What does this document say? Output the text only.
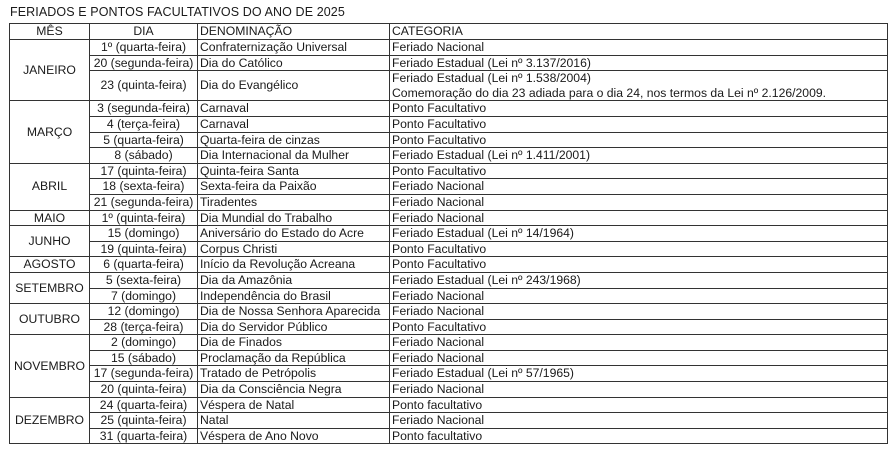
FERIADOS E PONTOS FACULTATIVOS DO ANO DE 2025
MÊS	DIA	DENOMINAÇÃO	CATEGORIA
JANEIRO	1º (quarta-feira)	Confraternização Universal	Feriado Nacional
	20 (segunda-feira)	Dia do Católico	Feriado Estadual (Lei nº 3.137/2016)
	23 (quinta-feira)	Dia do Evangélico	Feriado Estadual (Lei nº 1.538/2004)
Comemoração do dia 23 adiada para o dia 24, nos termos da Lei nº 2.126/2009.

MARÇO	3 (segunda-feira)	Carnaval	Ponto Facultativo
	4 (terça-feira)	Carnaval	Ponto Facultativo
	5 (quarta-feira)	Quarta-feira de cinzas	Ponto Facultativo
	8 (sábado)	Dia Internacional da Mulher	Feriado Estadual (Lei nº 1.411/2001)
ABRIL	17 (quinta-feira)	Quinta-feira Santa	Ponto Facultativo
	18 (sexta-feira)	Sexta-feira da Paixão	Feriado Nacional
	21 (segunda-feira)	Tiradentes	Feriado Nacional
MAIO	1º (quinta-feira)	Dia Mundial do Trabalho	Feriado Nacional
JUNHO	15 (domingo)	Aniversário do Estado do Acre	Feriado Estadual (Lei nº 14/1964)
	19 (quinta-feira)	Corpus Christi	Ponto Facultativo
AGOSTO	6 (quarta-feira)	Início da Revolução Acreana	Ponto Facultativo
SETEMBRO	5 (sexta-feira)	Dia da Amazônia	Feriado Estadual (Lei nº 243/1968)
	7 (domingo)	Independência do Brasil	Feriado Nacional
OUTUBRO	12 (domingo)	Dia de Nossa Senhora Aparecida	Feriado Nacional
	28 (terça-feira)	Dia do Servidor Público	Ponto Facultativo
NOVEMBRO	2 (domingo)	Dia de Finados	Feriado Nacional
	15 (sábado)	Proclamação da República	Feriado Nacional
	17 (segunda-feira)	Tratado de Petrópolis	Feriado Estadual (Lei nº 57/1965)
	20 (quinta-feira)	Dia da Consciência Negra	Feriado Nacional
DEZEMBRO	24 (quarta-feira)	Véspera de Natal	Ponto facultativo
	25 (quinta-feira)	Natal	Feriado Nacional
	31 (quarta-feira)	Véspera de Ano Novo	Ponto facultativo
